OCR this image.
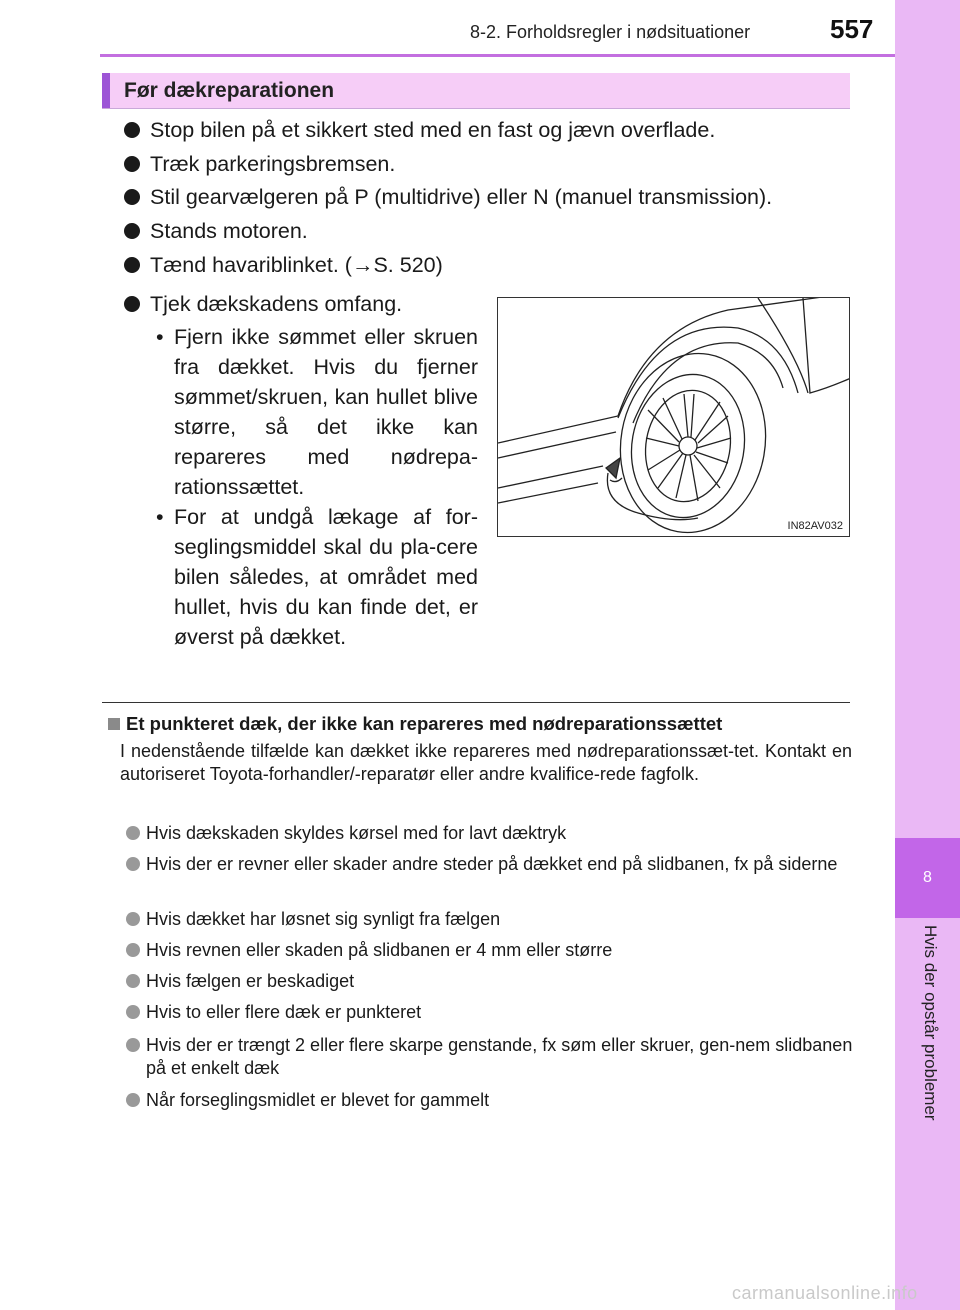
8-2. Forholdsregler i nødsituationer	557
8
Hvis der opstår problemer
Før dækreparationen
Stop bilen på et sikkert sted med en fast og jævn overflade.
Træk parkeringsbremsen.
Stil gearvælgeren på P (multidrive) eller N (manuel transmission).
Stands motoren.
Tænd havariblinket. (→S. 520)
Tjek dækskadens omfang.
• Fjern ikke sømmet eller skruen fra dækket. Hvis du fjerner sømmet/skruen, kan hullet blive større, så det ikke kan repareres med nødrepa-rationssættet.
• For at undgå lækage af for-seglingsmiddel skal du pla-cere bilen således, at området med hullet, hvis du kan finde det, er øverst på dækket.
IN82AV032
Et punkteret dæk, der ikke kan repareres med nødreparationssættet
I nedenstående tilfælde kan dækket ikke repareres med nødreparationssæt-tet. Kontakt en autoriseret Toyota-forhandler/-reparatør eller andre kvalifice-rede fagfolk.
Hvis dækskaden skyldes kørsel med for lavt dæktryk
Hvis der er revner eller skader andre steder på dækket end på slidbanen, fx på siderne
Hvis dækket har løsnet sig synligt fra fælgen
Hvis revnen eller skaden på slidbanen er 4 mm eller større
Hvis fælgen er beskadiget
Hvis to eller flere dæk er punkteret
Hvis der er trængt 2 eller flere skarpe genstande, fx søm eller skruer, gen-nem slidbanen på et enkelt dæk
Når forseglingsmidlet er blevet for gammelt
carmanualsonline.info
